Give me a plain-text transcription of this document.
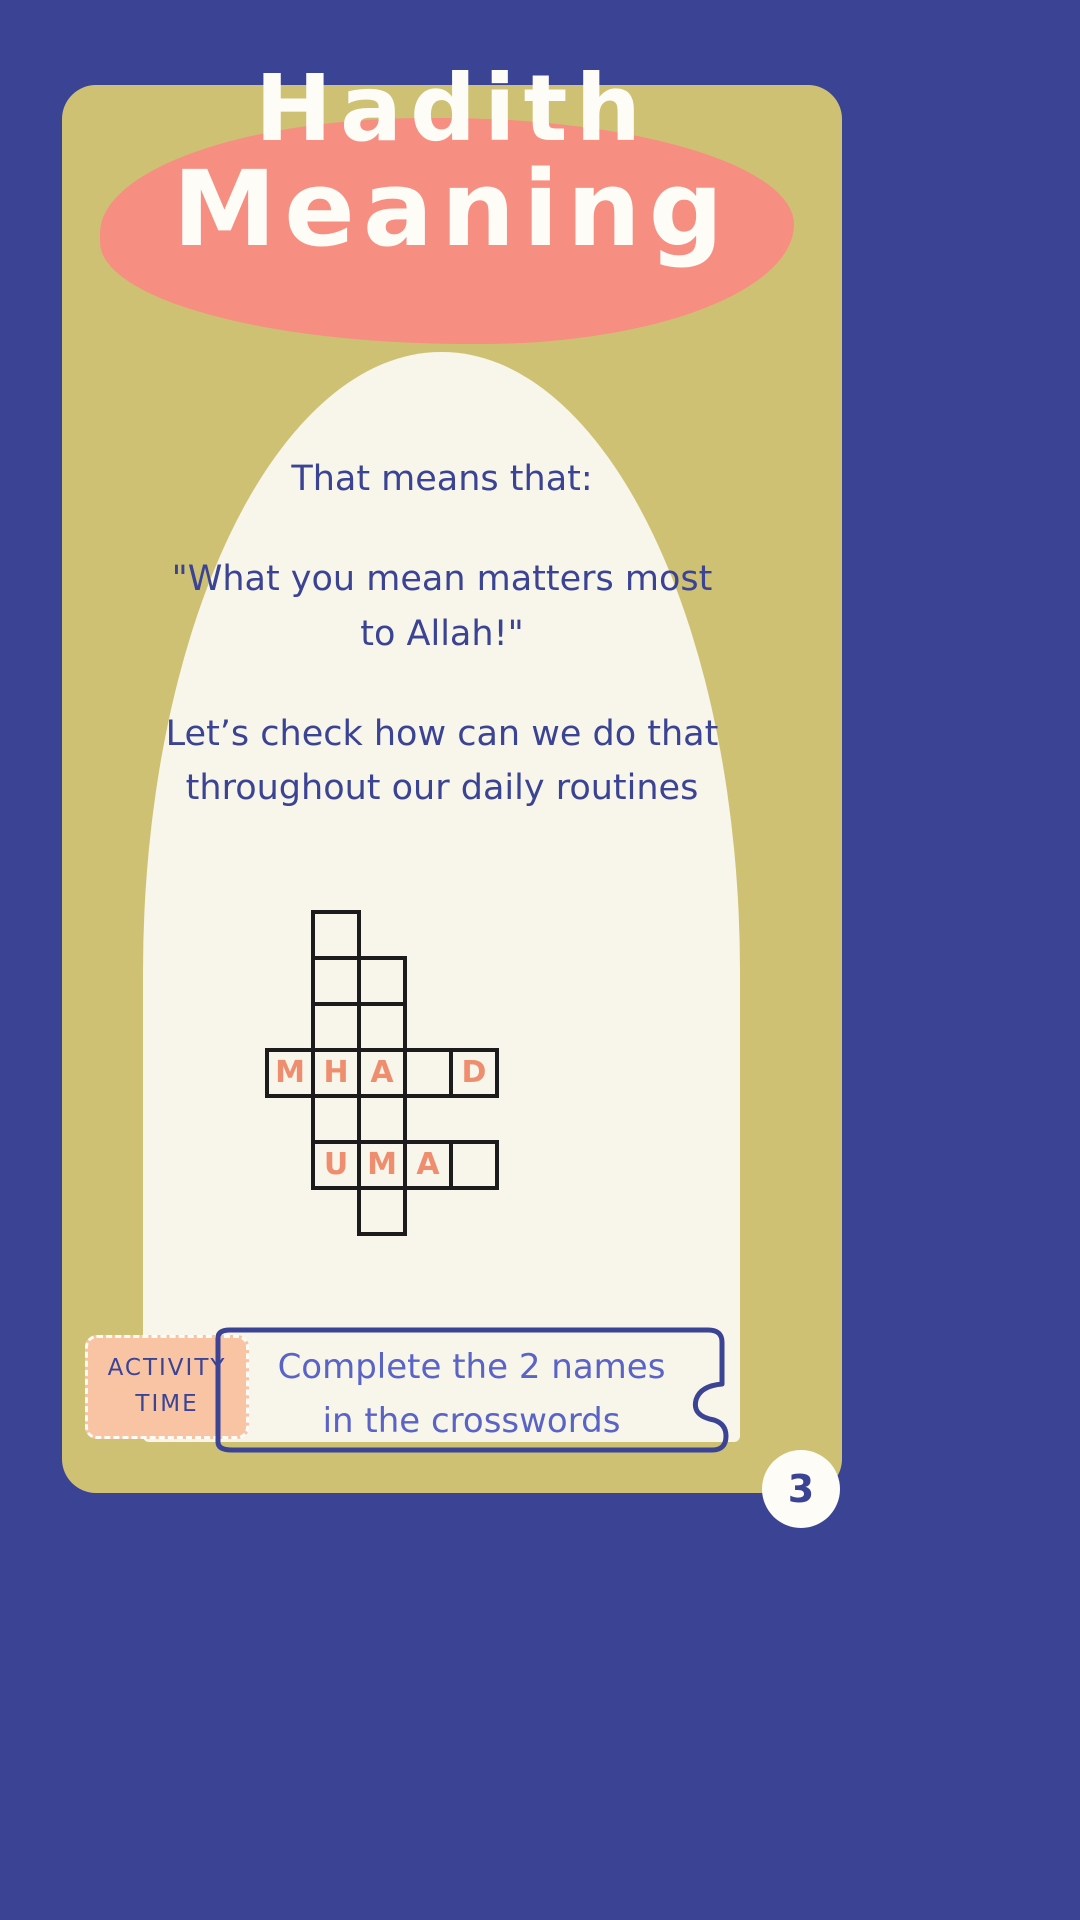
Hadith
Meaning

That means that:

"What you mean matters most to Allah!"

Let’s check how can we do that throughout our daily routines

H
M	A	D
M
U	A
ACTIVITY
TIME
Complete the 2 names
in the crosswords
3
